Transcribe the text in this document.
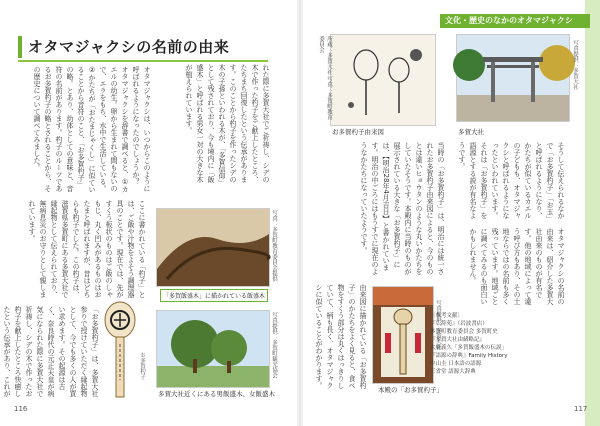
文化・歴史のなかのオタマジャクシ
オタマジャクシの名前の由来
れた際に多賀大社でご祈祷し、シデの木で作った杓子をご献上したところ、たちまち回復したという伝承があります。このことから杓子を作ったシデの木の子孫といわれる木が、「多賀信仰」として残されており、今も境内に「飯盛木」と呼ばれる男女一対の大きな木が植えられています。
オタマジャクシは、いつからこのように呼ばれるようになったのでしょうか？ オタマジャクシを辞書で調べると、①カエルの幼生。卵から生まれて間もないので、エラをもち、水中で生活している。②かたちが「おたまじゃくし」に似ていることから音符のこと、「お多賀杓子」の略。とあり、幼体としての意味と、音符の名前があります。杓子のルーツであるお多賀杓子の略とされることから、その歴史について調べてみました。
ここに書かれている「杓子」とは、ご飯や汁物をよそう調理器具のことです。現在では、先がすくう板状のものはご飯のしゃもじ、丸く凹みがあるものはおたまと呼ばれますが、昔はどちらも杓子でした。この杓子は、滋賀県多賀町にある多賀大社で縁起物として伝えられており、無病息災のお守りとして親しまれています。
「お多賀杓子」は、多賀大社参りで授けていただく縁起物として、今でも多くの人が買い求めます。その起源は古く、奈良時代の元正天皇が病気になられた際に多賀大社で祈祷し、シデの木で作ったお杓子を献上したところ快癒したという伝承があり、これが
お多賀杓子
写真：多賀町教育委員会提供
「多賀飯盛木」に描かれている飯盛木
写真提供：多賀町観光協会
多賀大社近くにある男飯盛木、女飯盛木
116
所蔵：多賀大社 写真：多賀町教育委員会
お多賀杓子由来図
写真提供：多賀大社
多賀大社
当時の「お多賀杓子」は、明治には統一されたお多賀杓子由来図によると、今のものとは違いヒョウタンのような丸いかたちをしていたそうです。本殿内に当時のものが展示されている大きな「お多賀杓子」には、【明治28年4月吉日】と書かれています。明治の中ごろにはもうすでに現在のようなかたちになっていたようです。
由来図に描かれている「お多賀杓子」のかたちをよく見ると、食べ物をすくう部分は丸くはっきりしていて、柄も長く、オタマジャクシに似ていることがわかります。
そうして伝えられるなかで「お多賀杓子」「お玉」と呼ばれるようになり、かたちが似ているカエルの子どもも、オタマジャクシと呼ばれるようになったといわれています。それは「お多賀杓子」を語源とする説が有名なようです。
オタマジャクシの名前の由来は、紹介した多賀大社由来のものが有名です。他の地域によって違う呼び方もあり、その土地ならではの名前も多く残っています。地域ごとに調べてみるのも面白いかもしれません。
写真提供：多賀大社
本殿の「お多賀杓子」
〔参考文献〕
『広辞苑』（岩波書店）
多賀町教育委員会 多賀町史
『多賀大社由緒略記』
大鹿義久「多賀飯盛木の伝説」
『語源の辞典』Family History
中山圭 日本語の語源
三省堂 語源大辞典
117
